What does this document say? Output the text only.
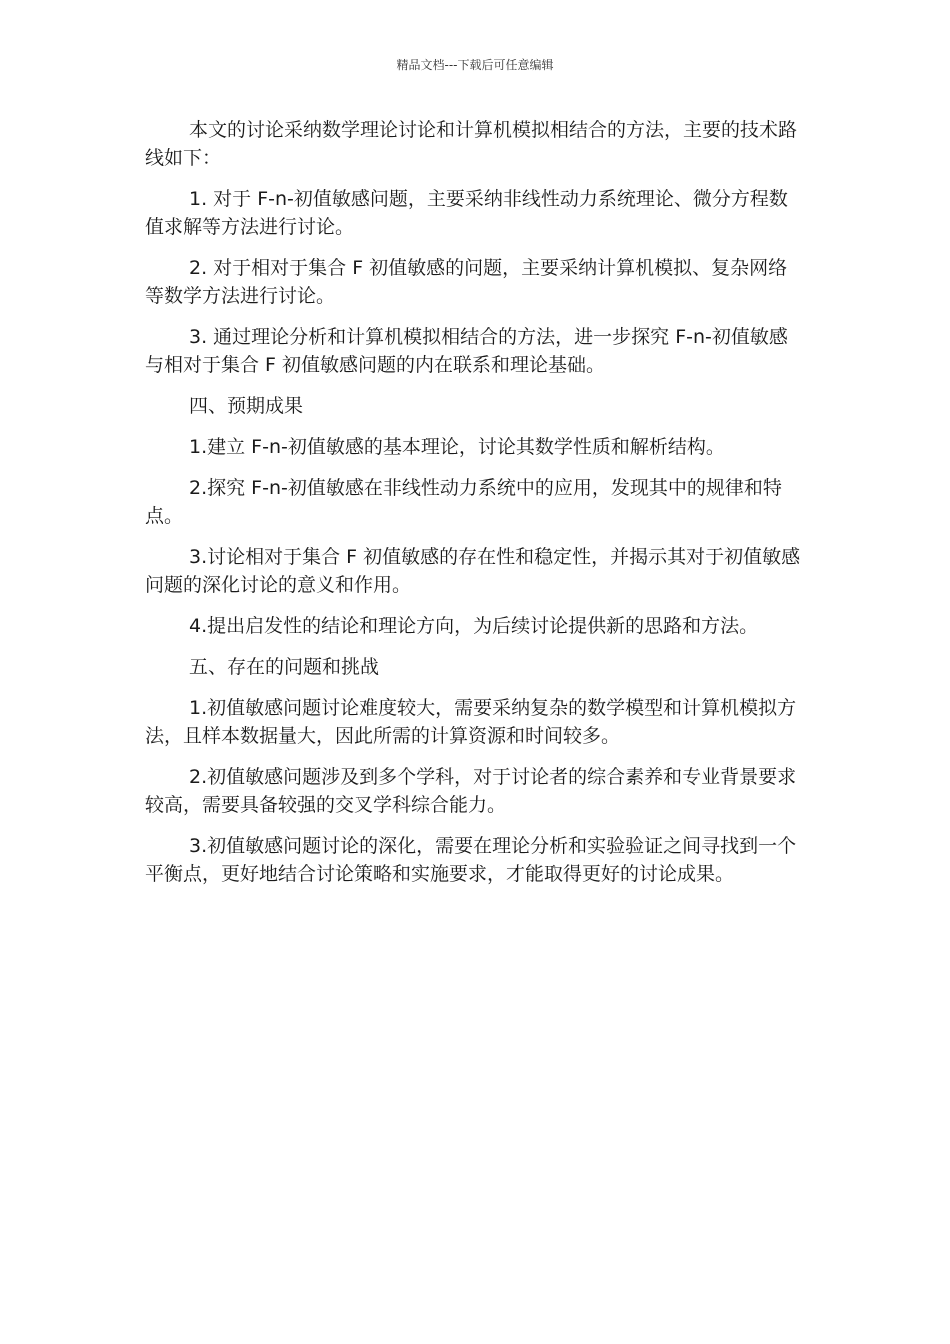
精品文档---下载后可任意编辑

本文的讨论采纳数学理论讨论和计算机模拟相结合的方法，主要的技术路线如下：

1. 对于 F-n-初值敏感问题，主要采纳非线性动力系统理论、微分方程数值求解等方法进行讨论。

2. 对于相对于集合 F 初值敏感的问题，主要采纳计算机模拟、复杂网络等数学方法进行讨论。

3. 通过理论分析和计算机模拟相结合的方法，进一步探究 F-n-初值敏感与相对于集合 F 初值敏感问题的内在联系和理论基础。

四、预期成果

1.建立 F-n-初值敏感的基本理论，讨论其数学性质和解析结构。

2.探究 F-n-初值敏感在非线性动力系统中的应用，发现其中的规律和特点。

3.讨论相对于集合 F 初值敏感的存在性和稳定性，并揭示其对于初值敏感问题的深化讨论的意义和作用。

4.提出启发性的结论和理论方向，为后续讨论提供新的思路和方法。

五、存在的问题和挑战

1.初值敏感问题讨论难度较大，需要采纳复杂的数学模型和计算机模拟方法，且样本数据量大，因此所需的计算资源和时间较多。

2.初值敏感问题涉及到多个学科，对于讨论者的综合素养和专业背景要求较高，需要具备较强的交叉学科综合能力。

3.初值敏感问题讨论的深化，需要在理论分析和实验验证之间寻找到一个平衡点，更好地结合讨论策略和实施要求，才能取得更好的讨论成果。
